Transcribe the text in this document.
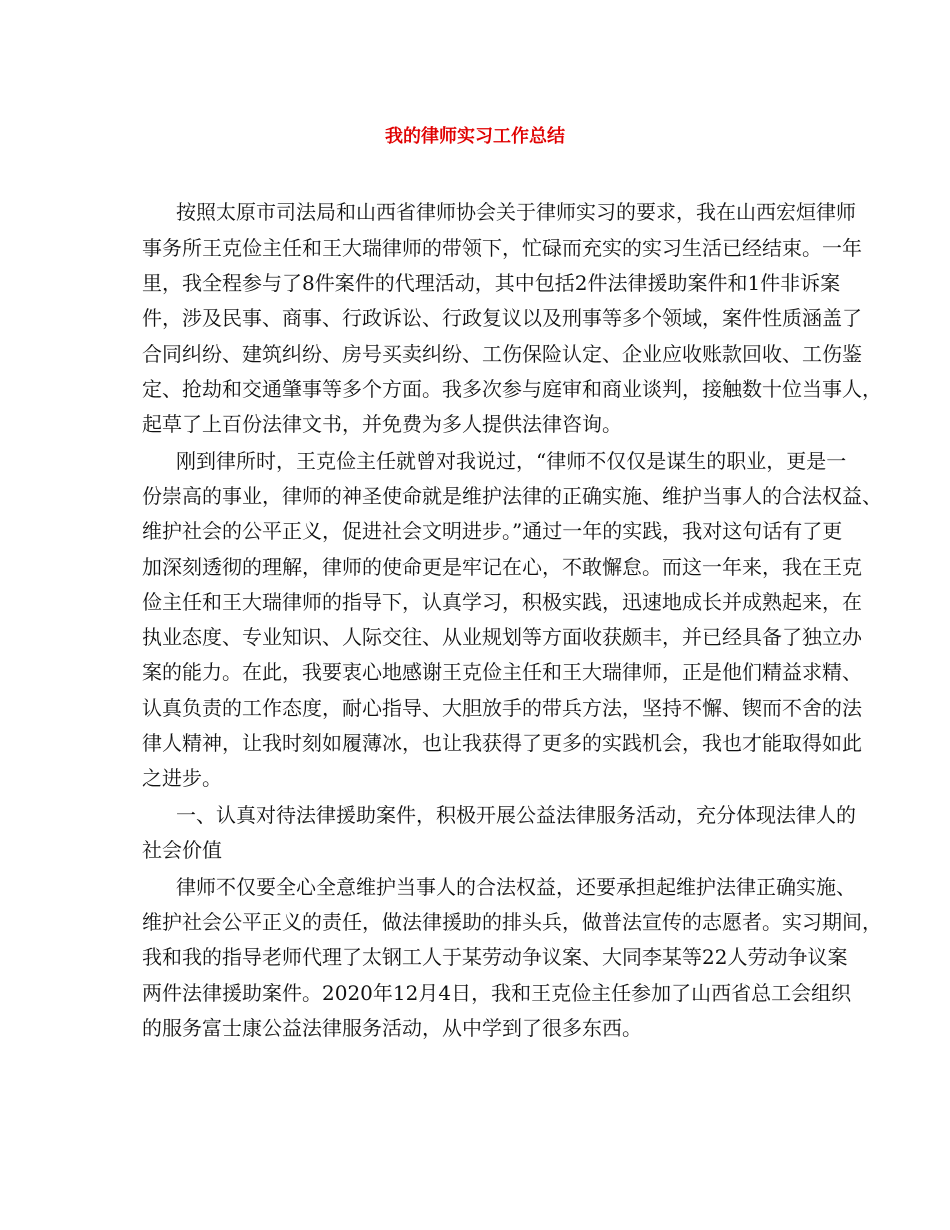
我的律师实习工作总结

按照太原市司法局和山西省律师协会关于律师实习的要求，我在山西宏烜律师

事务所王克俭主任和王大瑞律师的带领下，忙碌而充实的实习生活已经结束。一年

里，我全程参与了8件案件的代理活动，其中包括2件法律援助案件和1件非诉案

件，涉及民事、商事、行政诉讼、行政复议以及刑事等多个领域，案件性质涵盖了

合同纠纷、建筑纠纷、房号买卖纠纷、工伤保险认定、企业应收账款回收、工伤鉴

定、抢劫和交通肇事等多个方面。我多次参与庭审和商业谈判，接触数十位当事人，

起草了上百份法律文书，并免费为多人提供法律咨询。

刚到律所时，王克俭主任就曾对我说过，“律师不仅仅是谋生的职业，更是一

份崇高的事业，律师的神圣使命就是维护法律的正确实施、维护当事人的合法权益、

维护社会的公平正义，促进社会文明进步。”通过一年的实践，我对这句话有了更

加深刻透彻的理解，律师的使命更是牢记在心，不敢懈怠。而这一年来，我在王克

俭主任和王大瑞律师的指导下，认真学习，积极实践，迅速地成长并成熟起来，在

执业态度、专业知识、人际交往、从业规划等方面收获颇丰，并已经具备了独立办

案的能力。在此，我要衷心地感谢王克俭主任和王大瑞律师，正是他们精益求精、

认真负责的工作态度，耐心指导、大胆放手的带兵方法，坚持不懈、锲而不舍的法

律人精神，让我时刻如履薄冰，也让我获得了更多的实践机会，我也才能取得如此

之进步。

一、认真对待法律援助案件，积极开展公益法律服务活动，充分体现法律人的

社会价值

律师不仅要全心全意维护当事人的合法权益，还要承担起维护法律正确实施、

维护社会公平正义的责任，做法律援助的排头兵，做普法宣传的志愿者。实习期间，

我和我的指导老师代理了太钢工人于某劳动争议案、大同李某等22人劳动争议案

两件法律援助案件。2020年12月4日，我和王克俭主任参加了山西省总工会组织

的服务富士康公益法律服务活动，从中学到了很多东西。
